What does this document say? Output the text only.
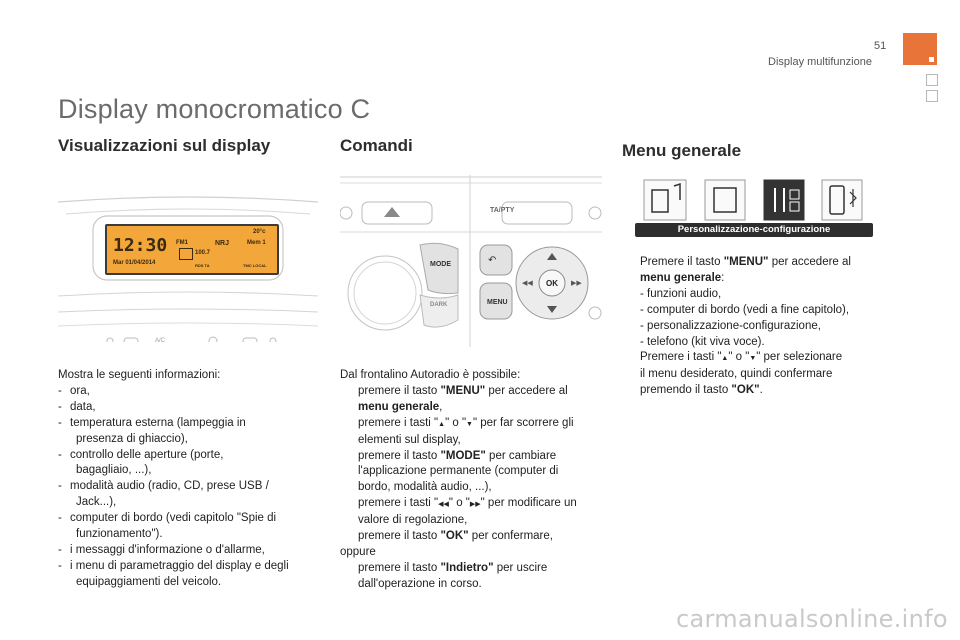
51
Display multifunzione
Display monocromatico C
Visualizzazioni sul display	Comandi	Menu generale
A/C
12:30
Mar 01/04/2014
20°c
FM1	NRJ	Mem 1
100.7
RDS TA	TMC LOCAL
TA/PTY
MODE
DARK
↶
MENU
OK
◀◀	▶▶
Personalizzazione-configurazione

Mostra le seguenti informazioni:

- ora,

- data,

- temperatura esterna (lampeggia in

presenza di ghiaccio),

- controllo delle aperture (porte,

bagagliaio, ...),

- modalità audio (radio, CD, prese USB /

Jack...),

- computer di bordo (vedi capitolo "Spie di

funzionamento").

- i messaggi d'informazione o d'allarme,

- i menu di parametraggio del display e degli

equipaggiamenti del veicolo.

Dal frontalino Autoradio è possibile:

premere il tasto "MENU" per accedere al

menu generale,

premere i tasti "▲" o "▼" per far scorrere gli

elementi sul display,

premere il tasto "MODE" per cambiare

l'applicazione permanente (computer di

bordo, modalità audio, ...),

premere i tasti "◀◀" o "▶▶" per modificare un

valore di regolazione,

premere il tasto "OK" per confermare,

oppure

premere il tasto "Indietro" per uscire

dall'operazione in corso.

Premere il tasto "MENU" per accedere al

menu generale:

- funzioni audio,

- computer di bordo (vedi a fine capitolo),

- personalizzazione-configurazione,

- telefono (kit viva voce).

Premere i tasti "▲" o "▼" per selezionare

il menu desiderato, quindi confermare

premendo il tasto "OK".

carmanualsonline.info
